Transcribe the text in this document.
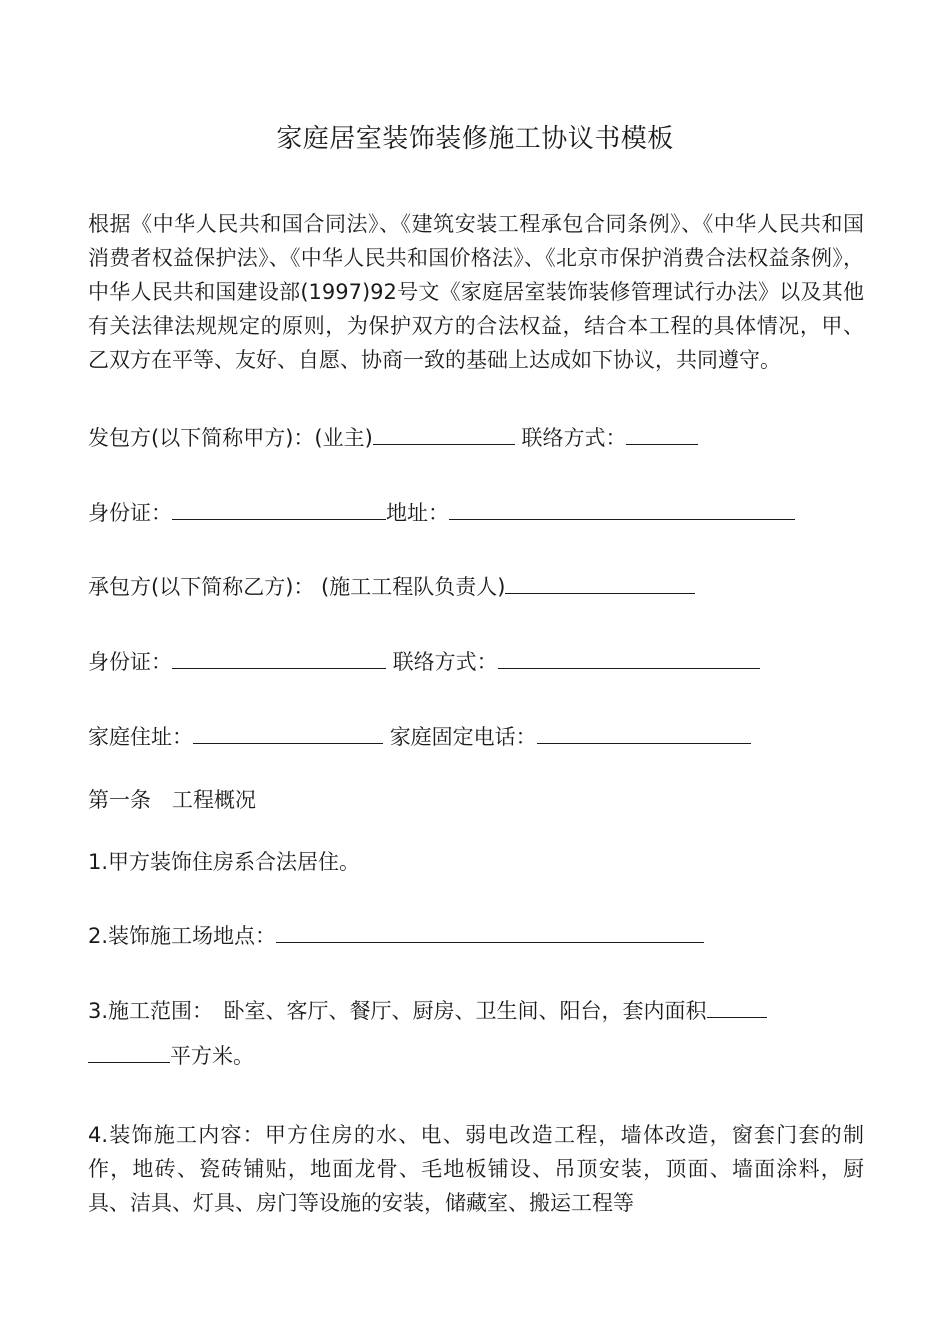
家庭居室装饰装修施工协议书模板

根据《中华人民共和国合同法》、《建筑安装工程承包合同条例》、《中华人民共和国消费者权益保护法》、《中华人民共和国价格法》、《北京市保护消费合法权益条例》，中华人民共和国建设部(1997)92号文《家庭居室装饰装修管理试行办法》以及其他有关法律法规规定的原则，为保护双方的合法权益，结合本工程的具体情况，甲、乙双方在平等、友好、自愿、协商一致的基础上达成如下协议，共同遵守。

发包方(以下简称甲方)：(业主)	联络方式：
身份证：	地址：
承包方(以下简称乙方)： (施工工程队负责人)
身份证：	联络方式：
家庭住址：	家庭固定电话：
第一条　工程概况
1.甲方装饰住房系合法居住。
2.装饰施工场地点：
3.施工范围：　卧室、客厅、餐厅、厨房、卫生间、阳台，套内面积
平方米。

4.装饰施工内容：甲方住房的水、电、弱电改造工程，墙体改造，窗套门套的制作，地砖、瓷砖铺贴，地面龙骨、毛地板铺设、吊顶安装，顶面、墙面涂料，厨具、洁具、灯具、房门等设施的安装，储藏室、搬运工程等
